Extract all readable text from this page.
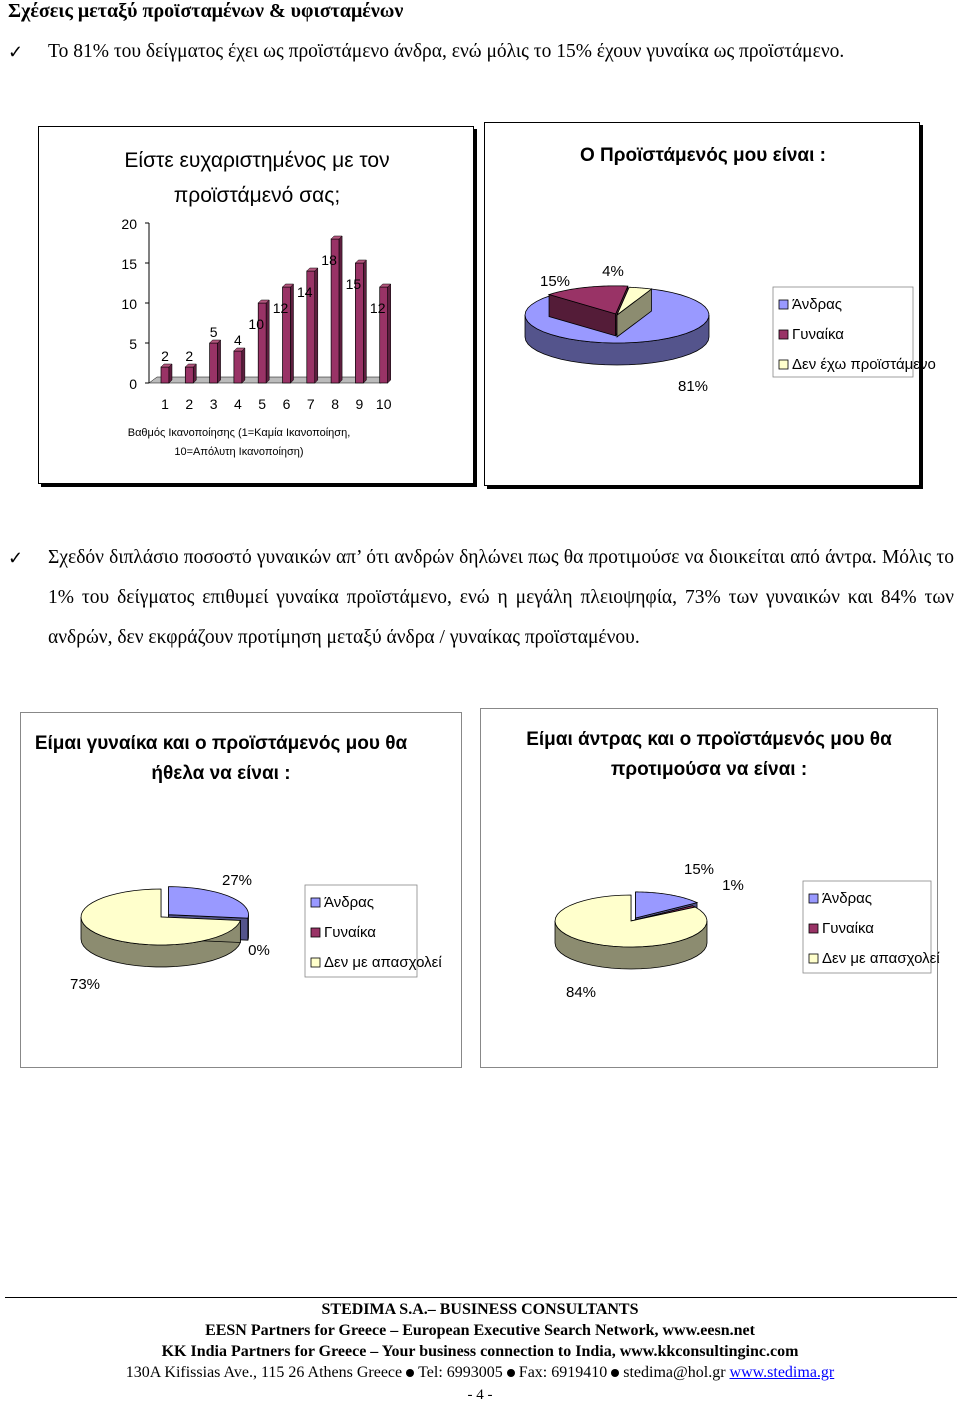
Σχέσεις μεταξύ προϊσταμένων & υφισταμένων
✓ Το 81% του δείγματος έχει ως προϊστάμενο άνδρα, ενώ μόλις το 15% έχουν γυναίκα ως προϊστάμενο.
Είστε ευχαριστημένος με τον
προϊστάμενό σας;
0
5
10
15
20
2
1
2
2
5
3
4
4
10
5
12
6
14
7
18
8
15
9
12
10
Βαθμός Ικανοποίησης (1=Καμία Ικανοποίηση,
10=Απόλυτη Ικανοποίηση)
Ο Προϊστάμενός μου είναι :
81%
15%
4%
Άνδρας
Γυναίκα
Δεν έχω προϊστάμενο
✓ Σχεδόν διπλάσιο ποσοστό γυναικών απ’ ότι ανδρών δηλώνει πως θα προτιμούσε να διοικείται από άντρα. Μόλις το 1% του δείγματος επιθυμεί γυναίκα προϊστάμενο, ενώ η μεγάλη πλειοψηφία, 73% των γυναικών και 84% των ανδρών, δεν εκφράζουν προτίμηση μεταξύ άνδρα / γυναίκας προϊσταμένου.
Είμαι γυναίκα και ο προϊστάμενός μου θα
ήθελα να είναι :
27%
0%
73%
Άνδρας
Γυναίκα
Δεν με απασχολεί
Είμαι άντρας και ο προϊστάμενός μου θα
προτιμούσα να είναι :
15%
1%
84%
Άνδρας
Γυναίκα
Δεν με απασχολεί
STEDIMA S.A.– BUSINESS CONSULTANTS
EESN Partners for Greece – European Executive Search Network, www.eesn.net
KK India Partners for Greece – Your business connection to India, www.kkconsultinginc.com
130A Kifissias Ave., 115 26 Athens Greece Tel: 6993005 Fax: 6919410 stedima@hol.gr www.stedima.gr
- 4 -
